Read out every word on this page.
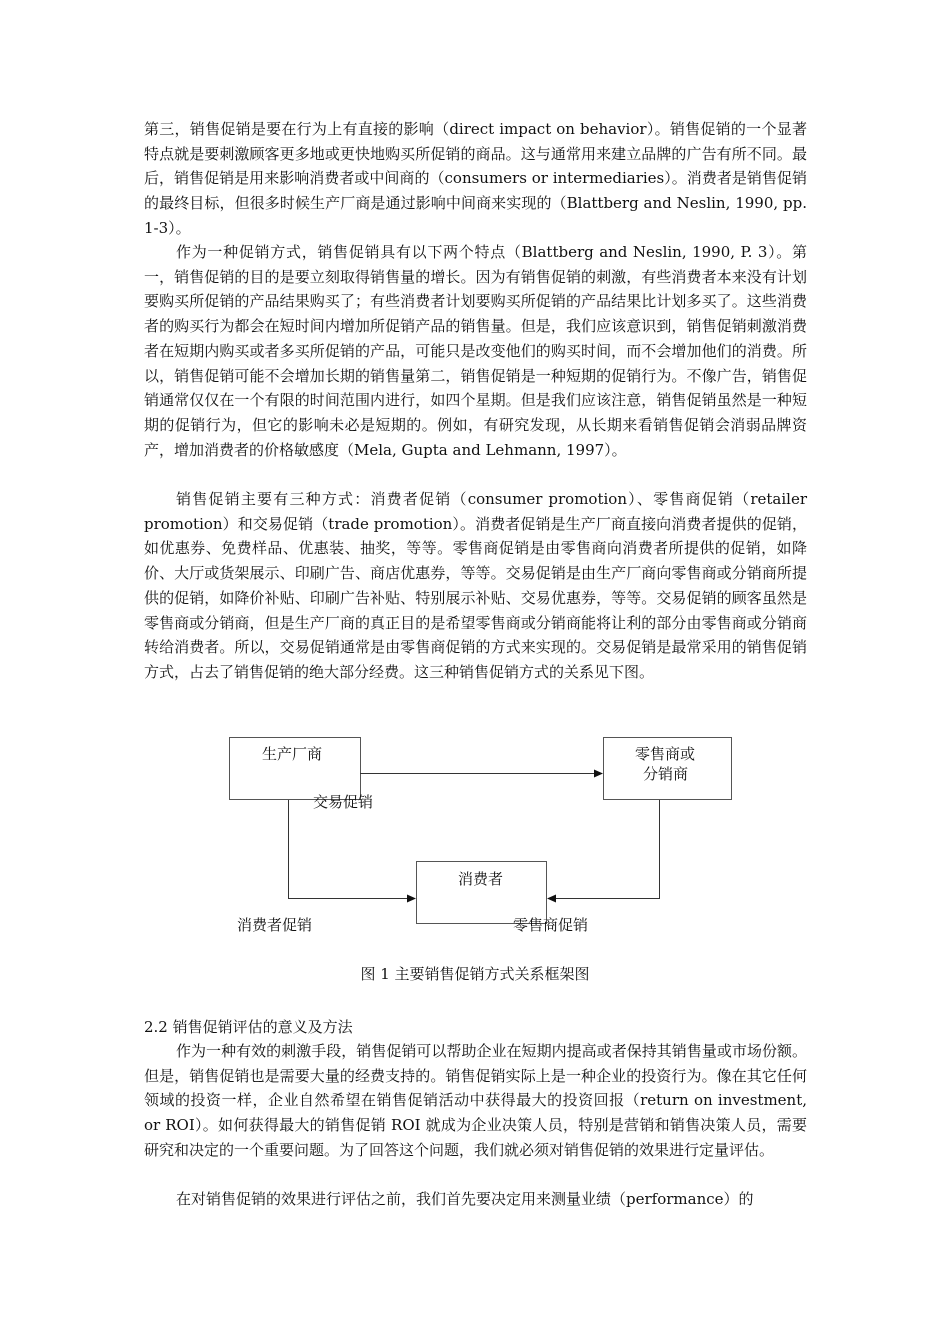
第三，销售促销是要在行为上有直接的影响（direct impact on behavior）。销售促销的一个显著特点就是要刺激顾客更多地或更快地购买所促销的商品。这与通常用来建立品牌的广告有所不同。最后，销售促销是用来影响消费者或中间商的（consumers or intermediaries）。消费者是销售促销的最终目标，但很多时候生产厂商是通过影响中间商来实现的（Blattberg and Neslin, 1990, pp. 1-3）。

作为一种促销方式，销售促销具有以下两个特点（Blattberg and Neslin, 1990, P. 3）。第一，销售促销的目的是要立刻取得销售量的增长。因为有销售促销的刺激，有些消费者本来没有计划要购买所促销的产品结果购买了；有些消费者计划要购买所促销的产品结果比计划多买了。这些消费者的购买行为都会在短时间内增加所促销产品的销售量。但是，我们应该意识到，销售促销刺激消费者在短期内购买或者多买所促销的产品，可能只是改变他们的购买时间，而不会增加他们的消费。所以，销售促销可能不会增加长期的销售量第二，销售促销是一种短期的促销行为。不像广告，销售促销通常仅仅在一个有限的时间范围内进行，如四个星期。但是我们应该注意，销售促销虽然是一种短期的促销行为，但它的影响未必是短期的。例如，有研究发现，从长期来看销售促销会消弱品牌资产，增加消费者的价格敏感度（Mela, Gupta and Lehmann, 1997）。

销售促销主要有三种方式：消费者促销（consumer promotion）、零售商促销（retailer promotion）和交易促销（trade promotion）。消费者促销是生产厂商直接向消费者提供的促销，如优惠券、免费样品、优惠装、抽奖，等等。零售商促销是由零售商向消费者所提供的促销，如降价、大厅或货架展示、印刷广告、商店优惠券，等等。交易促销是由生产厂商向零售商或分销商所提供的促销，如降价补贴、印刷广告补贴、特别展示补贴、交易优惠券，等等。交易促销的顾客虽然是零售商或分销商，但是生产厂商的真正目的是希望零售商或分销商能将让利的部分由零售商或分销商转给消费者。所以，交易促销通常是由零售商促销的方式来实现的。交易促销是最常采用的销售促销方式，占去了销售促销的绝大部分经费。这三种销售促销方式的关系见下图。

生产厂商	零售商或
分销商
消费者
交易促销
消费者促销	零售商促销
图 1 主要销售促销方式关系框架图
2.2 销售促销评估的意义及方法

作为一种有效的刺激手段，销售促销可以帮助企业在短期内提高或者保持其销售量或市场份额。但是，销售促销也是需要大量的经费支持的。销售促销实际上是一种企业的投资行为。像在其它任何领域的投资一样，企业自然希望在销售促销活动中获得最大的投资回报（return on investment, or ROI）。如何获得最大的销售促销 ROI 就成为企业决策人员，特别是营销和销售决策人员，需要研究和决定的一个重要问题。为了回答这个问题，我们就必须对销售促销的效果进行定量评估。

在对销售促销的效果进行评估之前，我们首先要决定用来测量业绩（performance）的
